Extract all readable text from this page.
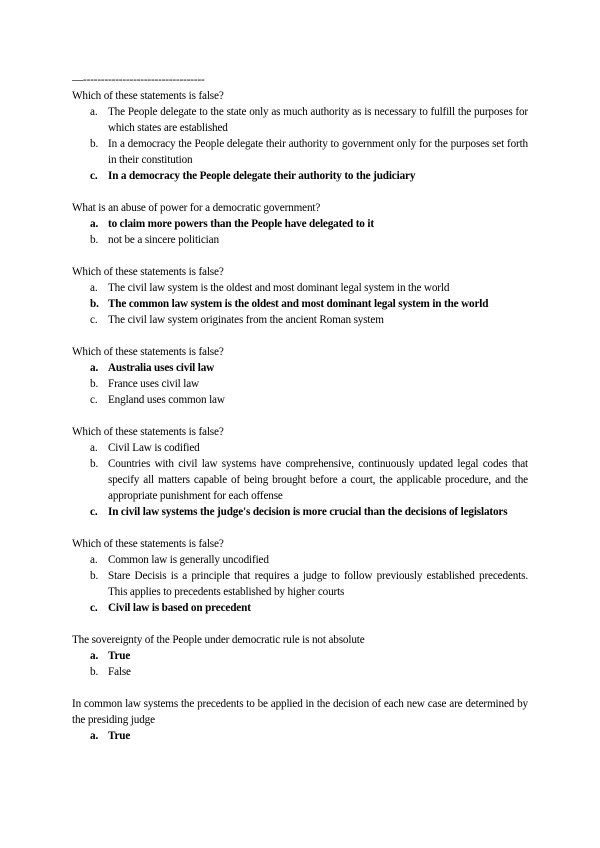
—----------------------------------

Which of these statements is false?

a. The People delegate to the state only as much authority as is necessary to fulfill the purposes for which states are established
b. In a democracy the People delegate their authority to government only for the purposes set forth in their constitution
c. In a democracy the People delegate their authority to the judiciary

What is an abuse of power for a democratic government?

a. to claim more powers than the People have delegated to it
b. not be a sincere politician

Which of these statements is false?

a. The civil law system is the oldest and most dominant legal system in the world
b. The common law system is the oldest and most dominant legal system in the world
c. The civil law system originates from the ancient Roman system

Which of these statements is false?

a. Australia uses civil law
b. France uses civil law
c. England uses common law

Which of these statements is false?

a. Civil Law is codified
b. Countries with civil law systems have comprehensive, continuously updated legal codes that specify all matters capable of being brought before a court, the applicable procedure, and the appropriate punishment for each offense
c. In civil law systems the judge's decision is more crucial than the decisions of legislators

Which of these statements is false?

a. Common law is generally uncodified
b. Stare Decisis is a principle that requires a judge to follow previously established precedents. This applies to precedents established by higher courts
c. Civil law is based on precedent

The sovereignty of the People under democratic rule is not absolute

a. True
b. False

In common law systems the precedents to be applied in the decision of each new case are determined by the presiding judge

a. True
